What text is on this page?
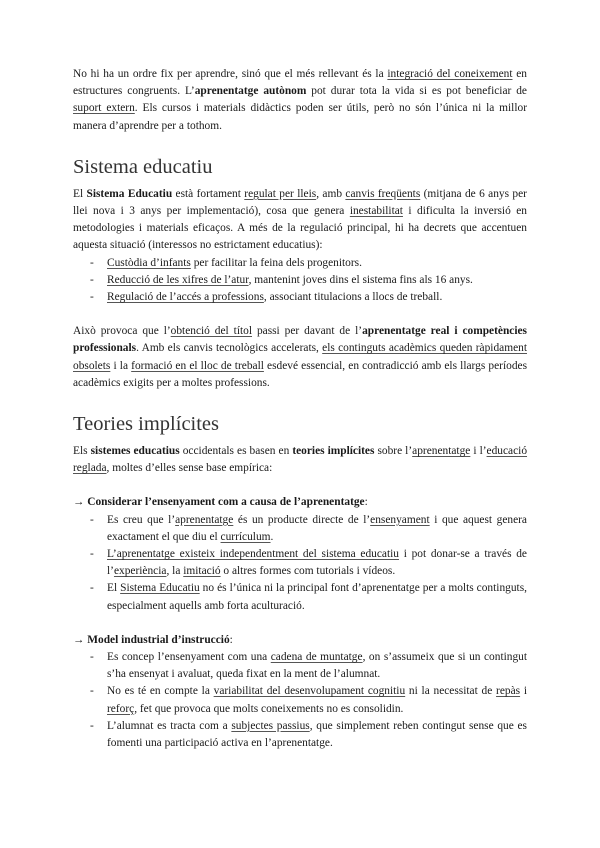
No hi ha un ordre fix per aprendre, sinó que el més rellevant és la integració del coneixement en estructures congruents. L’aprenentatge autònom pot durar tota la vida si es pot beneficiar de suport extern. Els cursos i materials didàctics poden ser útils, però no són l’única ni la millor manera d’aprendre per a tothom.

Sistema educatiu

El Sistema Educatiu està fortament regulat per lleis, amb canvis freqüents (mitjana de 6 anys per llei nova i 3 anys per implementació), cosa que genera inestabilitat i dificulta la inversió en metodologies i materials eficaços. A més de la regulació principal, hi ha decrets que accentuen aquesta situació (interessos no estrictament educatius):

- Custòdia d’infants per facilitar la feina dels progenitors.
- Reducció de les xifres de l’atur, mantenint joves dins el sistema fins als 16 anys.
- Regulació de l’accés a professions, associant titulacions a llocs de treball.

Això provoca que l’obtenció del títol passi per davant de l’aprenentatge real i competències professionals. Amb els canvis tecnològics accelerats, els continguts acadèmics queden ràpidament obsolets i la formació en el lloc de treball esdevé essencial, en contradicció amb els llargs períodes acadèmics exigits per a moltes professions.

Teories implícites

Els sistemes educatius occidentals es basen en teories implícites sobre l’aprenentatge i l’educació reglada, moltes d’elles sense base empírica:

→ Considerar l’ensenyament com a causa de l’aprenentatge:

- Es creu que l’aprenentatge és un producte directe de l’ensenyament i que aquest genera exactament el que diu el currículum.
- L’aprenentatge existeix independentment del sistema educatiu i pot donar-se a través de l’experiència, la imitació o altres formes com tutorials i vídeos.
- El Sistema Educatiu no és l’única ni la principal font d’aprenentatge per a molts continguts, especialment aquells amb forta aculturació.

→ Model industrial d’instrucció:

- Es concep l’ensenyament com una cadena de muntatge, on s’assumeix que si un contingut s’ha ensenyat i avaluat, queda fixat en la ment de l’alumnat.
- No es té en compte la variabilitat del desenvolupament cognitiu ni la necessitat de repàs i reforç, fet que provoca que molts coneixements no es consolidin.
- L’alumnat es tracta com a subjectes passius, que simplement reben contingut sense que es fomenti una participació activa en l’aprenentatge.
